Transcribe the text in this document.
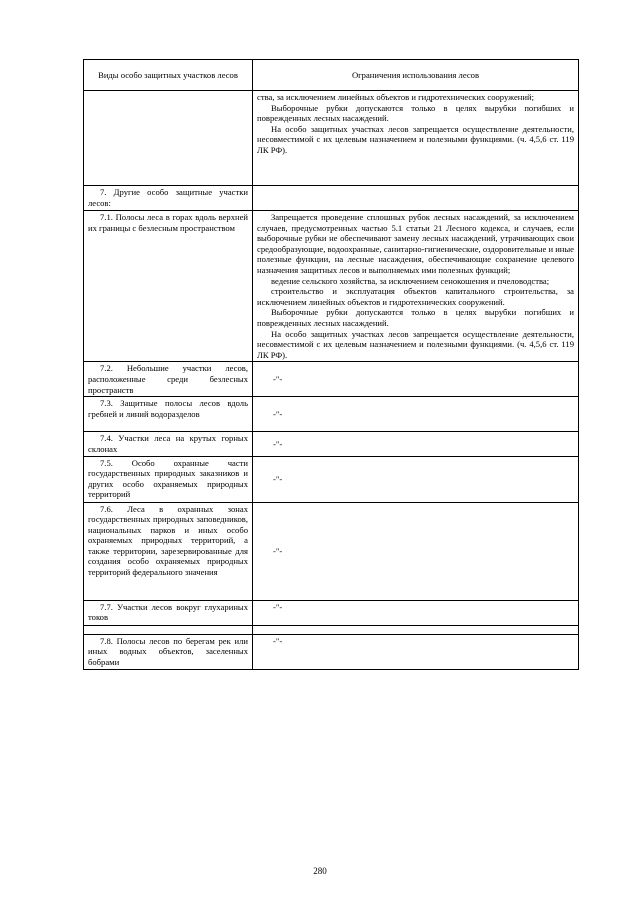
Виды особо защитных участков лесов	Ограничения использования лесов

	ства, за исключением линейных объектов и гидротехнических сооружений;

Выборочные рубки допускаются только в целях вырубки погибших и поврежденных лесных насаждений.

На особо защитных участках лесов запрещается осуществление деятельности, несовместимой с их целевым назначением и полезными функциями. (ч. 4,5,6 ст. 119 ЛК РФ).

7. Другие особо защитные участки лесов:	
7.1. Полосы леса в горах вдоль верхней их границы с безлесным пространством	Запрещается проведение сплошных рубок лесных насаждений, за исключением случаев, предусмотренных частью 5.1 статьи 21 Лесного кодекса, и случаев, если выборочные рубки не обеспечивают замену лесных насаждений, утрачивающих свои средообразующие, водоохранные, санитарно-гигиенические, оздоровительные и иные полезные функции, на лесные насаждения, обеспечивающие сохранение целевого назначения защитных лесов и выполняемых ими полезных функций;

ведение сельского хозяйства, за исключением сенокошения и пчеловодства;

строительство и эксплуатация объектов капитального строительства, за исключением линейных объектов и гидротехнических сооружений.

Выборочные рубки допускаются только в целях вырубки погибших и поврежденных лесных насаждений.

На особо защитных участках лесов запрещается осуществление деятельности, несовместимой с их целевым назначением и полезными функциями. (ч. 4,5,6 ст. 119 ЛК РФ).

7.2. Небольшие участки лесов, расположенные среди безлесных пространств	-"-
7.3. Защитные полосы лесов вдоль гребней и линий водоразделов	-"-
7.4. Участки леса на крутых горных склонах	-"-
7.5. Особо охранные части государственных природных заказников и других особо охраняемых природных территорий	-"-
7.6. Леса в охранных зонах государственных природных заповедников, национальных парков и иных особо охраняемых природных территорий, а также территории, зарезервированные для создания особо охраняемых природных территорий федерального значения	-"-
7.7. Участки лесов вокруг глухариных токов	-"-

7.8. Полосы лесов по берегам рек или иных водных объектов, заселенных бобрами	-"-
280
